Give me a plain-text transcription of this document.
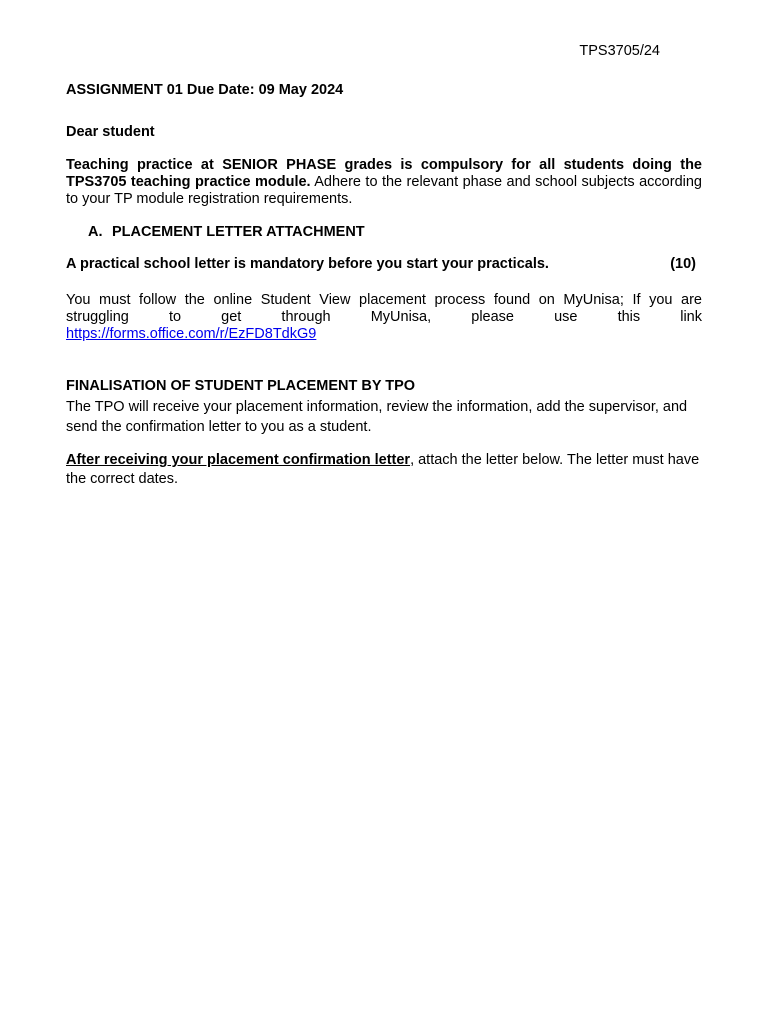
TPS3705/24
ASSIGNMENT 01 Due Date: 09 May 2024
Dear student
Teaching practice at SENIOR PHASE grades is compulsory for all students doing the TPS3705 teaching practice module. Adhere to the relevant phase and school subjects according to your TP module registration requirements.
A. PLACEMENT LETTER ATTACHMENT
A practical school letter is mandatory before you start your practicals.	(10)
You must follow the online Student View placement process found on MyUnisa; If you are
struggling to get through MyUnisa, please use this link
https://forms.office.com/r/EzFD8TdkG9
FINALISATION OF STUDENT PLACEMENT BY TPO
The TPO will receive your placement information, review the information, add the supervisor, and send the confirmation letter to you as a student.
After receiving your placement confirmation letter, attach the letter below. The letter must have the correct dates.
